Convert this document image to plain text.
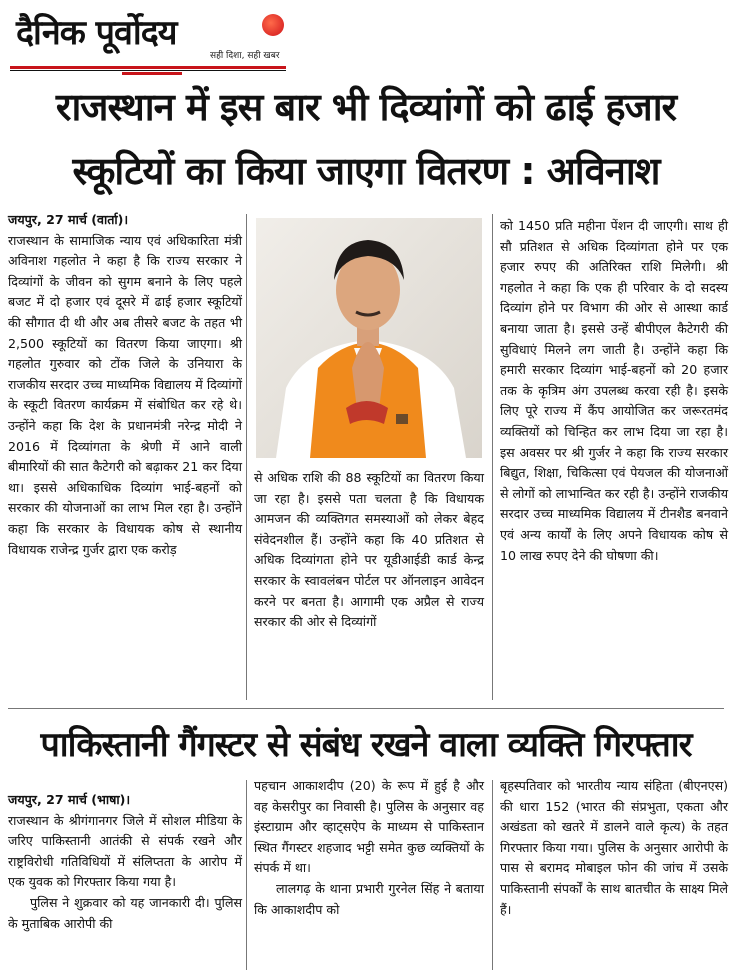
दैनिक पूर्वोदय
सही दिशा, सही खबर
राजस्थान में इस बार भी दिव्यांगों को ढाई हजार
स्कूटियों का किया जाएगा वितरण : अविनाश

जयपुर, 27 मार्च (वार्ता)।

राजस्थान के सामाजिक न्याय एवं अधिकारिता मंत्री अविनाश गहलोत ने कहा है कि राज्य सरकार ने दिव्यांगों के जीवन को सुगम बनाने के लिए पहले बजट में दो हजार एवं दूसरे में ढाई हजार स्कूटियों की सौगात दी थी और अब तीसरे बजट के तहत भी 2,500 स्कूटियों का वितरण किया जाएगा। श्री गहलोत गुरुवार को टोंक जिले के उनियारा के राजकीय सरदार उच्च माध्यमिक विद्यालय में दिव्यांगों के स्कूटी वितरण कार्यक्रम में संबोधित कर रहे थे। उन्होंने कहा कि देश के प्रधानमंत्री नरेन्द्र मोदी ने 2016 में दिव्यांगता के श्रेणी में आने वाली बीमारियों की सात कैटेगरी को बढ़ाकर 21 कर दिया था। इससे अधिकाधिक दिव्यांग भाई-बहनों को सरकार की योजनाओं का लाभ मिल रहा है। उन्होंने कहा कि सरकार के विधायक कोष से स्थानीय विधायक राजेन्द्र गुर्जर द्वारा एक करोड़

से अधिक राशि की 88 स्कूटियों का वितरण किया जा रहा है। इससे पता चलता है कि विधायक आमजन की व्यक्तिगत समस्याओं को लेकर बेहद संवेदनशील हैं। उन्होंने कहा कि 40 प्रतिशत से अधिक दिव्यांगता होने पर यूडीआईडी कार्ड केन्द्र सरकार के स्वावलंबन पोर्टल पर ऑनलाइन आवेदन करने पर बनता है। आगामी एक अप्रैल से राज्य सरकार की ओर से दिव्यांगों

को 1450 प्रति महीना पेंशन दी जाएगी। साथ ही सौ प्रतिशत से अधिक दिव्यांगता होने पर एक हजार रुपए की अतिरिक्त राशि मिलेगी। श्री गहलोत ने कहा कि एक ही परिवार के दो सदस्य दिव्यांग होने पर विभाग की ओर से आस्था कार्ड बनाया जाता है। इससे उन्हें बीपीएल कैटेगरी की सुविधाएं मिलने लग जाती है। उन्होंने कहा कि हमारी सरकार दिव्यांग भाई-बहनों को 20 हजार तक के कृत्रिम अंग उपलब्ध करवा रही है। इसके लिए पूरे राज्य में कैंप आयोजित कर जरूरतमंद व्यक्तियों को चिन्हित कर लाभ दिया जा रहा है। इस अवसर पर श्री गुर्जर ने कहा कि राज्य सरकार बिद्युत, शिक्षा, चिकित्सा एवं पेयजल की योजनाओं से लोगों को लाभान्वित कर रही है। उन्होंने राजकीय सरदार उच्च माध्यमिक विद्यालय में टीनशैड बनवाने एवं अन्य कार्यों के लिए अपने विधायक कोष से 10 लाख रुपए देने की घोषणा की।

पाकिस्तानी गैंगस्टर से संबंध रखने वाला व्यक्ति गिरफ्तार

जयपुर, 27 मार्च (भाषा)।

राजस्थान के श्रीगंगानगर जिले में सोशल मीडिया के जरिए पाकिस्तानी आतंकी से संपर्क रखने और राष्ट्रविरोधी गतिविधियों में संलिप्तता के आरोप में एक युवक को गिरफ्तार किया गया है।

पुलिस ने शुक्रवार को यह जानकारी दी। पुलिस के मुताबिक आरोपी की

पहचान आकाशदीप (20) के रूप में हुई है और वह केसरीपुर का निवासी है। पुलिस के अनुसार वह इंस्टाग्राम और व्हाट्सऐप के माध्यम से पाकिस्तान स्थित गैंगस्टर शहजाद भट्टी समेत कुछ व्यक्तियों के संपर्क में था।

लालगढ़ के थाना प्रभारी गुरनेल सिंह ने बताया कि आकाशदीप को

बृहस्पतिवार को भारतीय न्याय संहिता (बीएनएस) की धारा 152 (भारत की संप्रभुता, एकता और अखंडता को खतरे में डालने वाले कृत्य) के तहत गिरफ्तार किया गया। पुलिस के अनुसार आरोपी के पास से बरामद मोबाइल फोन की जांच में उसके पाकिस्तानी संपर्कों के साथ बातचीत के साक्ष्य मिले हैं।
